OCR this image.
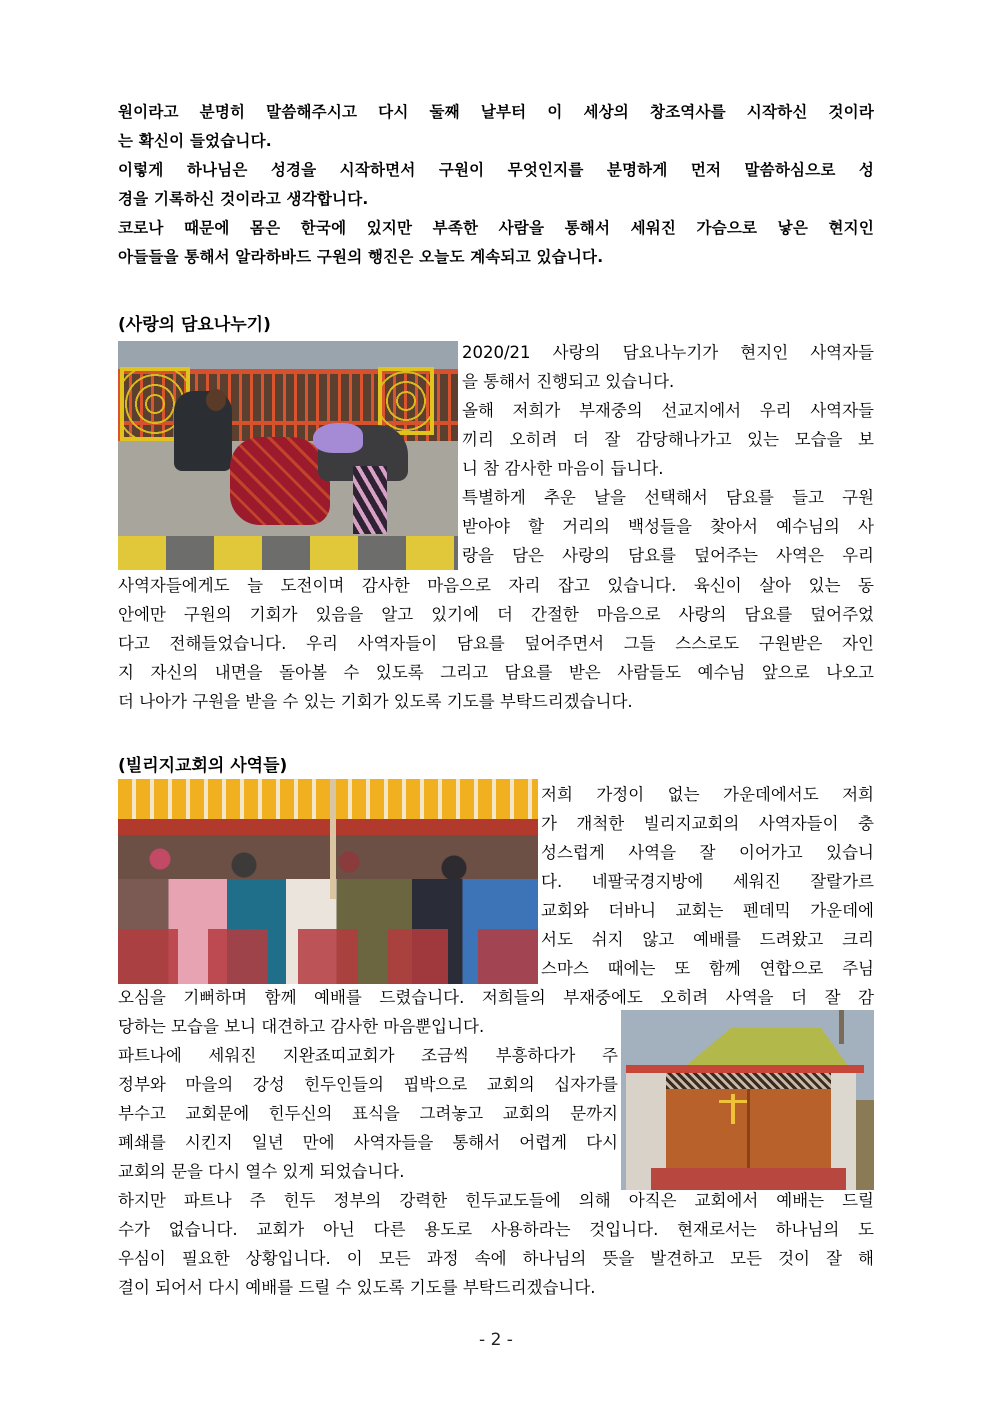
원이라고 분명히 말씀해주시고 다시 둘째 날부터 이 세상의 창조역사를 시작하신 것이라
는 확신이 들었습니다.
이렇게 하나님은 성경을 시작하면서 구원이 무엇인지를 분명하게 먼저 말씀하심으로 성
경을 기록하신 것이라고 생각합니다.
코로나 때문에 몸은 한국에 있지만 부족한 사람을 통해서 세워진 가슴으로 낳은 현지인
아들들을 통해서 알라하바드 구원의 행진은 오늘도 계속되고 있습니다.
(사랑의 담요나누기)
2020/21 사랑의 담요나누기가 현지인 사역자들
을 통해서 진행되고 있습니다.
올해 저희가 부재중의 선교지에서 우리 사역자들
끼리 오히려 더 잘 감당해나가고 있는 모습을 보
니 참 감사한 마음이 듭니다.
특별하게 추운 날을 선택해서 담요를 들고 구원
받아야 할 거리의 백성들을 찾아서 예수님의 사
랑을 담은 사랑의 담요를 덮어주는 사역은 우리
사역자들에게도 늘 도전이며 감사한 마음으로 자리 잡고 있습니다. 육신이 살아 있는 동
안에만 구원의 기회가 있음을 알고 있기에 더 간절한 마음으로 사랑의 담요를 덮어주었
다고 전해들었습니다. 우리 사역자들이 담요를 덮어주면서 그들 스스로도 구원받은 자인
지 자신의 내면을 돌아볼 수 있도록 그리고 담요를 받은 사람들도 예수님 앞으로 나오고
더 나아가 구원을 받을 수 있는 기회가 있도록 기도를 부탁드리겠습니다.
(빌리지교회의 사역들)
저희 가정이 없는 가운데에서도 저희
가 개척한 빌리지교회의 사역자들이 충
성스럽게 사역을 잘 이어가고 있습니
다. 네팔국경지방에 세워진 잘랄가르
교회와 더바니 교회는 펜데믹 가운데에
서도 쉬지 않고 예배를 드려왔고 크리
스마스 때에는 또 함께 연합으로 주님
오심을 기뻐하며 함께 예배를 드렸습니다. 저희들의 부재중에도 오히려 사역을 더 잘 감
당하는 모습을 보니 대견하고 감사한 마음뿐입니다.
파트나에 세워진 지완죠띠교회가 조금씩 부흥하다가 주
정부와 마을의 강성 힌두인들의 핍박으로 교회의 십자가를
부수고 교회문에 힌두신의 표식을 그려놓고 교회의 문까지
폐쇄를 시킨지 일년 만에 사역자들을 통해서 어렵게 다시
교회의 문을 다시 열수 있게 되었습니다.
하지만 파트나 주 힌두 정부의 강력한 힌두교도들에 의해 아직은 교회에서 예배는 드릴
수가 없습니다. 교회가 아닌 다른 용도로 사용하라는 것입니다. 현재로서는 하나님의 도
우심이 필요한 상황입니다. 이 모든 과정 속에 하나님의 뜻을 발견하고 모든 것이 잘 해
결이 되어서 다시 예배를 드릴 수 있도록 기도를 부탁드리겠습니다.
- 2 -
